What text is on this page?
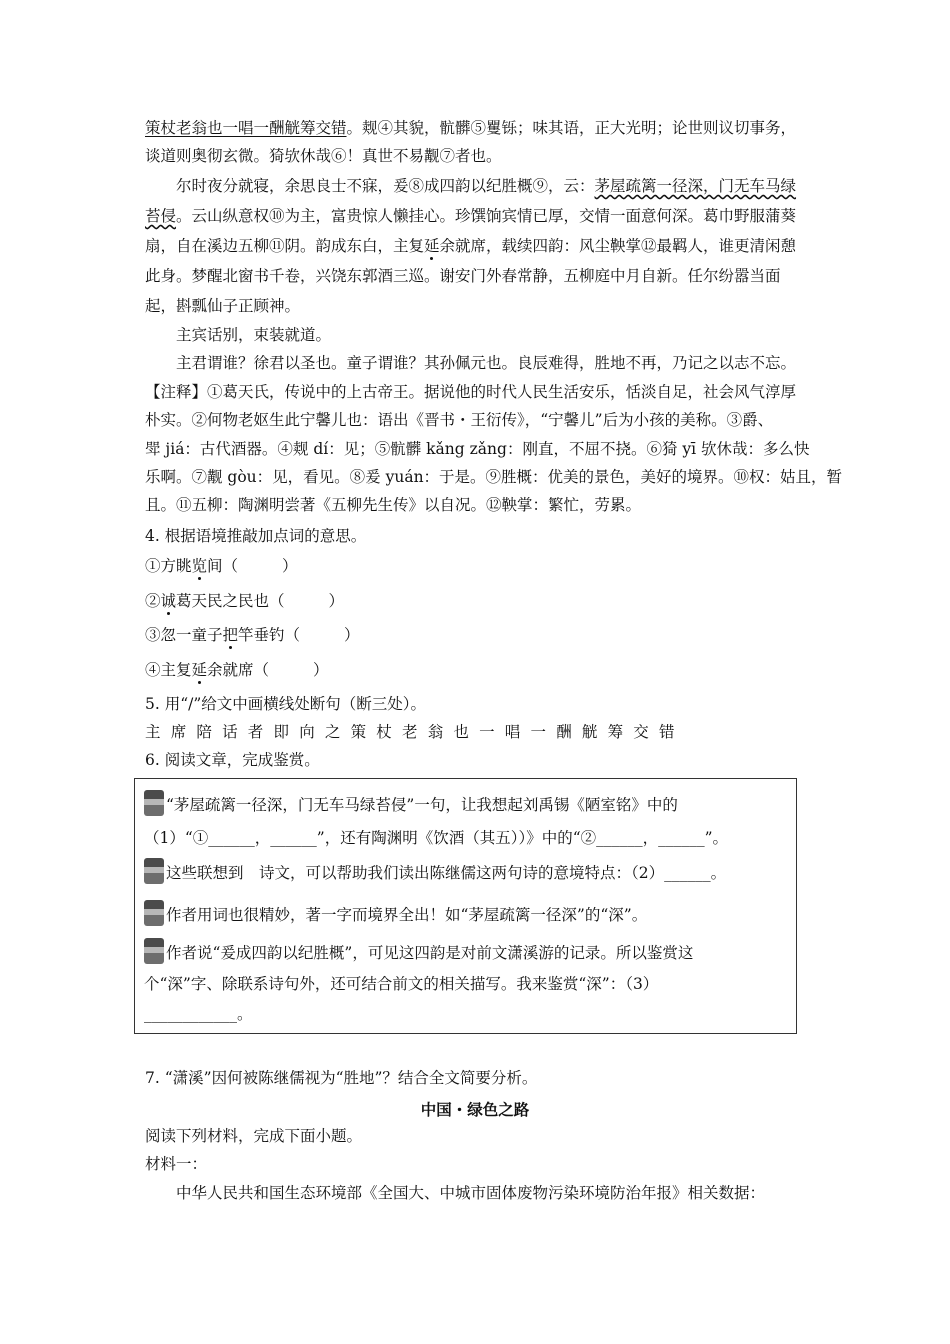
策杖老翁也一唱一酬觥筹交错。觌④其貌，骯髒⑤矍铄；味其语，正大光明；论世则议切事务，
谈道则奥彻玄微。猗欤休哉⑥！真世不易觏⑦者也。
尔时夜分就寝，余思良士不寐，爰⑧成四韵以纪胜概⑨，云：茅屋疏篱一径深，门无车马绿
苔侵。云山纵意权⑩为主，富贵惊人懒挂心。珍馔饷宾情已厚，交情一面意何深。葛巾野服蒲葵
扇，自在溪边五柳⑪阴。韵成东白，主复延余就席，载续四韵：风尘鞅掌⑫最羁人，谁更清闲憩
此身。梦醒北窗书千卷，兴饶东郭酒三巡。谢安门外春常静，五柳庭中月自新。任尔纷嚣当面
起，斟瓢仙子正顾神。
主宾话别，束装就道。
主君谓谁？徐君以圣也。童子谓谁？其孙佩元也。良辰难得，胜地不再，乃记之以志不忘。
【注释】①葛天氏，传说中的上古帝王。据说他的时代人民生活安乐，恬淡自足，社会风气淳厚
朴实。②何物老妪生此宁馨儿也：语出《晋书・王衍传》，“宁馨儿”后为小孩的美称。③爵、
斝 jiá：古代酒器。④觌 dí：见；⑤骯髒 kǎng zǎng：刚直，不屈不挠。⑥猗 yī 欤休哉：多么快
乐啊。⑦觏 gòu：见，看见。⑧爰 yuán：于是。⑨胜概：优美的景色，美好的境界。⑩权：姑且，暂
且。⑪五柳：陶渊明尝著《五柳先生传》以自况。⑫鞅掌：繁忙，劳累。
4. 根据语境推敲加点词的意思。
①方眺览间（	）
②诚葛天民之民也（	）
③忽一童子把竿垂钓（	）
④主复延余就席（	）
5. 用“/”给文中画横线处断句（断三处）。
主席陪话者即向之策杖老翁也一唱一酬觥筹交错
6. 阅读文章，完成鉴赏。
“茅屋疏篱一径深，门无车马绿苔侵”一句，让我想起刘禹锡《陋室铭》中的
（1）“①______，______”，还有陶渊明《饮酒（其五））》中的“②______，______”。
这些联想到　诗文，可以帮助我们读出陈继儒这两句诗的意境特点：（2）______。
作者用词也很精妙，著一字而境界全出！如“茅屋疏篱一径深”的“深”。
作者说“爰成四韵以纪胜概”，可见这四韵是对前文潇溪游的记录。所以鉴赏这
个“深”字、除联系诗句外，还可结合前文的相关描写。我来鉴赏“深”：（3）
____________。
7. “潇溪”因何被陈继儒视为“胜地”？结合全文简要分析。
中国・绿色之路
阅读下列材料，完成下面小题。
材料一：
中华人民共和国生态环境部《全国大、中城市固体废物污染环境防治年报》相关数据：
